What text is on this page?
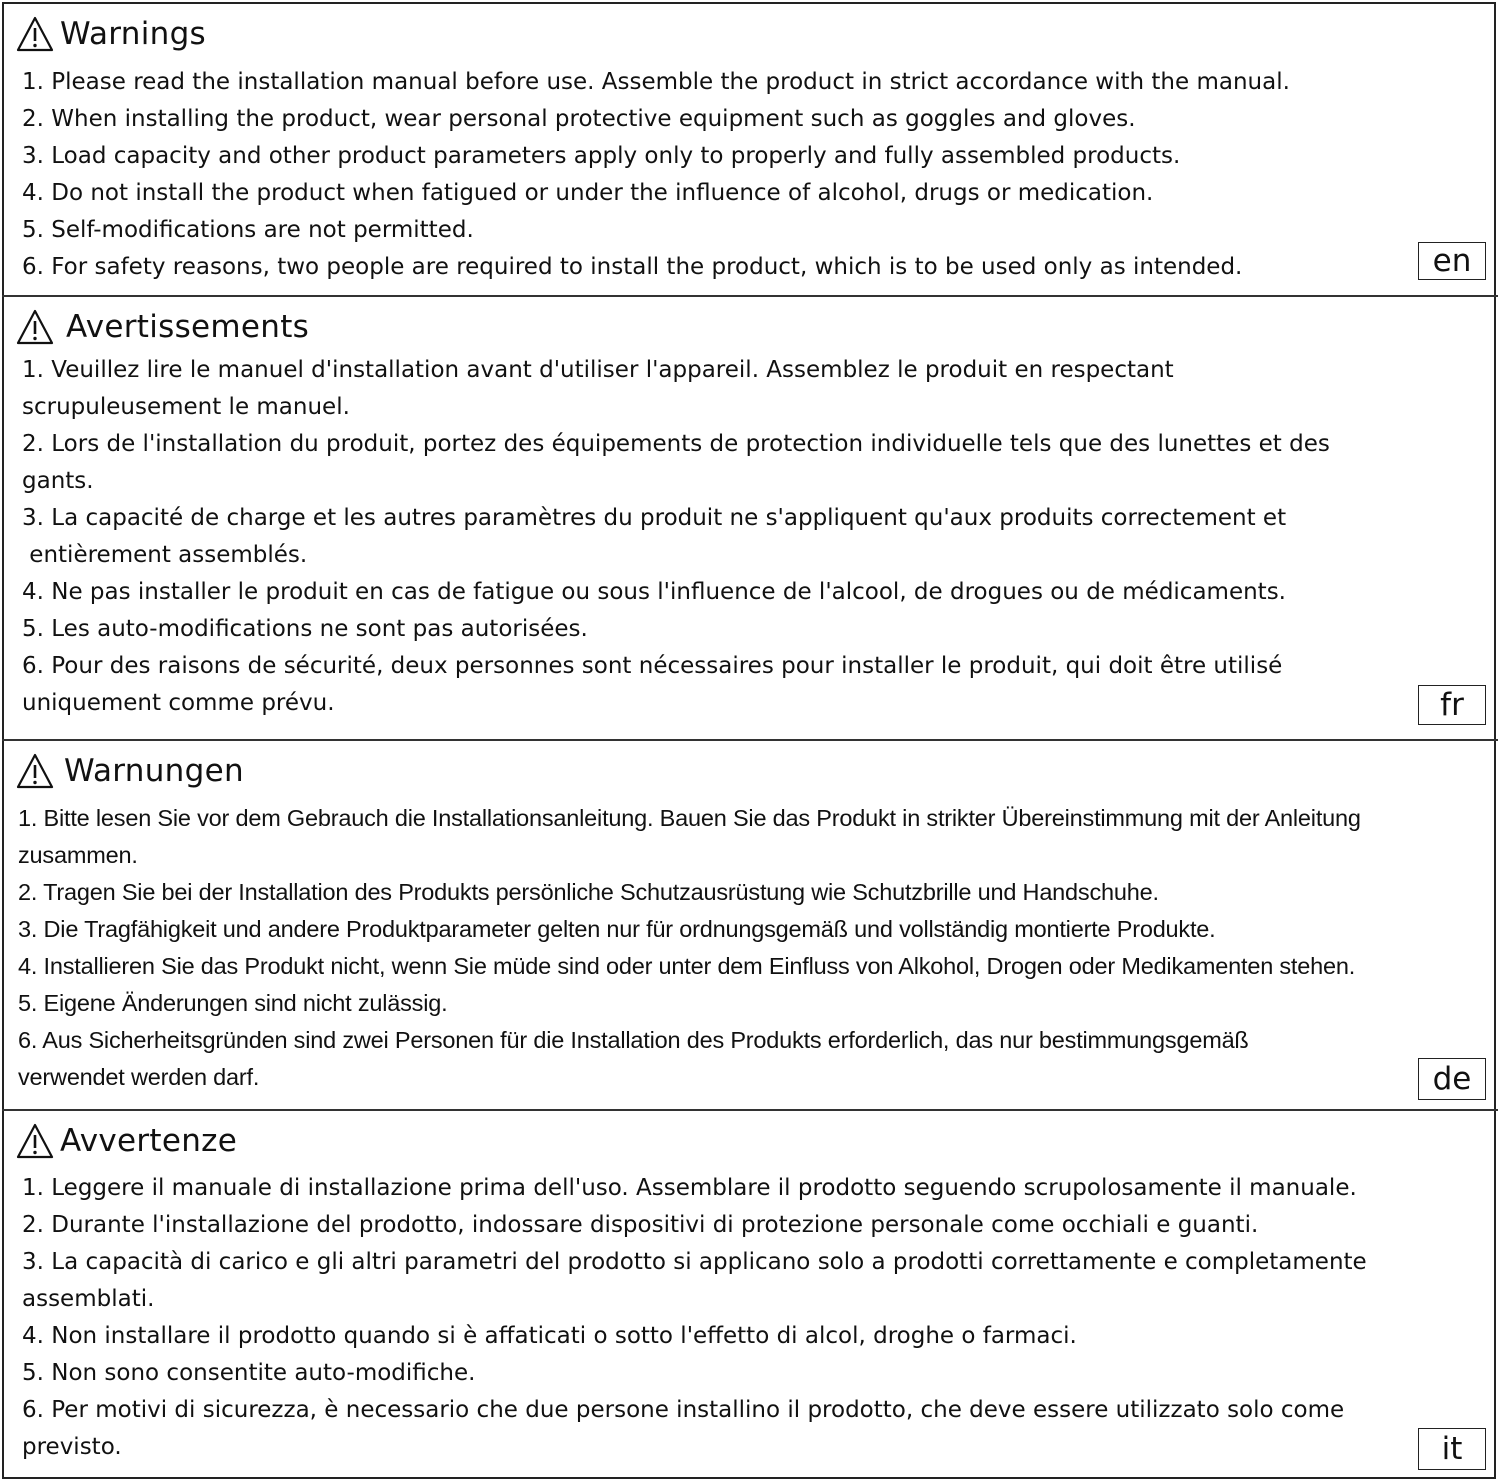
Warnings
1. Please read the installation manual before use. Assemble the product in strict accordance with the manual.
2. When installing the product, wear personal protective equipment such as goggles and gloves.
3. Load capacity and other product parameters apply only to properly and fully assembled products.
4. Do not install the product when fatigued or under the influence of alcohol, drugs or medication.
5. Self-modifications are not permitted.
6. For safety reasons, two people are required to install the product, which is to be used only as intended.	en
Avertissements
1. Veuillez lire le manuel d'installation avant d'utiliser l'appareil. Assemblez le produit en respectant
scrupuleusement le manuel.
2. Lors de l'installation du produit, portez des équipements de protection individuelle tels que des lunettes et des
gants.
3. La capacité de charge et les autres paramètres du produit ne s'appliquent qu'aux produits correctement et
entièrement assemblés.
4. Ne pas installer le produit en cas de fatigue ou sous l'influence de l'alcool, de drogues ou de médicaments.
5. Les auto-modifications ne sont pas autorisées.
6. Pour des raisons de sécurité, deux personnes sont nécessaires pour installer le produit, qui doit être utilisé
uniquement comme prévu.	fr
Warnungen
1. Bitte lesen Sie vor dem Gebrauch die Installationsanleitung. Bauen Sie das Produkt in strikter Übereinstimmung mit der Anleitung
zusammen.
2. Tragen Sie bei der Installation des Produkts persönliche Schutzausrüstung wie Schutzbrille und Handschuhe.
3. Die Tragfähigkeit und andere Produktparameter gelten nur für ordnungsgemäß und vollständig montierte Produkte.
4. Installieren Sie das Produkt nicht, wenn Sie müde sind oder unter dem Einfluss von Alkohol, Drogen oder Medikamenten stehen.
5. Eigene Änderungen sind nicht zulässig.
6. Aus Sicherheitsgründen sind zwei Personen für die Installation des Produkts erforderlich, das nur bestimmungsgemäß
verwendet werden darf.	de
Avvertenze
1. Leggere il manuale di installazione prima dell'uso. Assemblare il prodotto seguendo scrupolosamente il manuale.
2. Durante l'installazione del prodotto, indossare dispositivi di protezione personale come occhiali e guanti.
3. La capacità di carico e gli altri parametri del prodotto si applicano solo a prodotti correttamente e completamente
assemblati.
4. Non installare il prodotto quando si è affaticati o sotto l'effetto di alcol, droghe o farmaci.
5. Non sono consentite auto-modifiche.
6. Per motivi di sicurezza, è necessario che due persone installino il prodotto, che deve essere utilizzato solo come
previsto.	it
